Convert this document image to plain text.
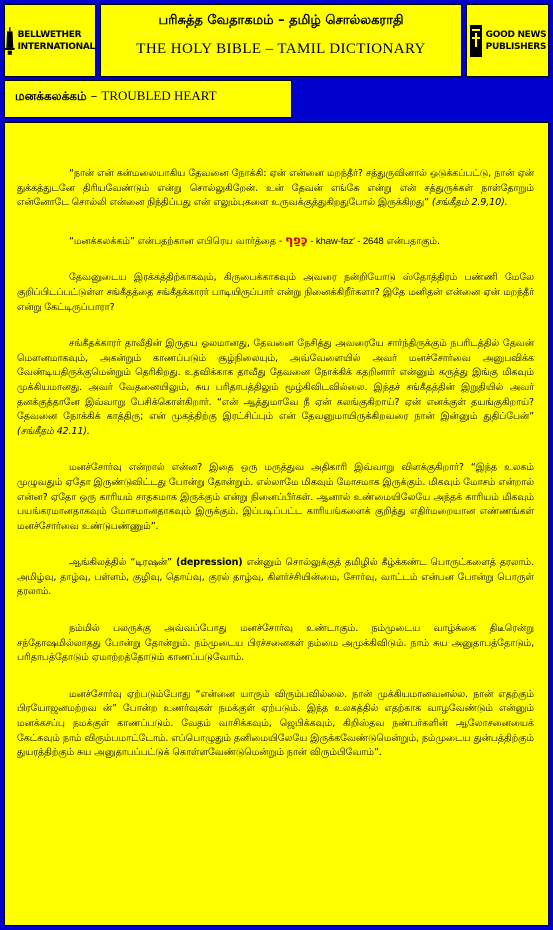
BELLWETHER
INTERNATIONAL
பரிசுத்த வேதாகமம் – தமிழ் சொல்லகராதி
THE HOLY BIBLE – TAMIL DICTIONARY
GOOD NEWS
PUBLISHERS
மனக்கலக்கம் – TROUBLED HEART

“நான் என் கன்மலையாகிய தேவனை நோக்கி: ஏன் என்னை மறந்தீர்? சத்துருவினால் ஒடுக்கப்பட்டு, நான் ஏன் துக்கத்துடனே திரியவேண்டும் என்று சொல்லுகிறேன். உன் தேவன் எங்கே என்று என் சத்துருக்கள் நாள்தோறும் என்னோடே சொல்லி என்னை நிந்திப்பது என் எலும்புகளை உருவக்குத்துகிறதுபோல் இருக்கிறது” (சங்கீதம் 2.9,10).

“மனக்கலக்கம்” என்பதற்கான எபிரெய வார்த்தை - כָּפַף - khaw-faz' - 2648 என்பதாகும்.

தேவனுடைய இரக்கத்திற்காகவும், கிருபைக்காகவும் அவரை நன்றியோடு ஸ்தோத்திரம் பண்ணி மேலே குறிப்பிடப்பட்டுள்ள சங்கீதத்தை சங்கீதக்காரர் பாடியிருப்பார் என்று நினைக்கிறீர்களா? இதே மனிதன் என்னை ஏன் மறந்தீர் என்று கேட்டிருப்பாரா?

சங்கீதக்காரர் தாவீதின் இருதய ஓலமானது, தேவனை நேசித்து அவரையே சார்ந்திருக்கும் நபரிடத்தில் தேவன் மௌனமாகவும், அகன்றும் காணப்படும் சூழ்நிலையும், அவ்வேளையில் அவர் மனச்சோர்வை அனுபவிக்க வேண்டியதிருக்குமென்றும் தெரிகிறது. உதவிக்காக தாவீது தேவனை நோக்கிக் கதறினார் என்னும் கருத்து இங்கு மிகவும் முக்கியமானது. அவர் வேதனையிலும், சுய பரிதாபத்திலும் மூழ்கிவிடவில்லை. இந்தச் சங்கீதத்தின் இறுதியில் அவர் தனக்குத்தானே இவ்வாறு பேசிக்கொள்கிறார். “என் ஆத்துமாவே நீ ஏன் கலங்குகிறாய்? ஏன் எனக்குள் தயங்குகிறாய்? தேவனை நோக்கிக் காத்திரு; என் முகத்திற்கு இரட்சிப்பும் என் தேவனுமாயிருக்கிறவரை நான் இன்னும் துதிப்பேன்” (சங்கீதம் 42.11).

மனச்சோர்வு என்றால் என்ன? இதை ஒரு மருத்துவ அதிகாரி இவ்வாறு விளக்குகிறார்? “இந்த உலகம் முழுவதும் ஏதோ இருண்டுவிட்டது போன்று தோன்றும். எல்லாமே மிகவும் மோசமாக இருக்கும். மிகவும் மோசம் என்றால் என்ன? ஏதோ ஒரு காரியம் சாதகமாக இருக்கும் என்று நினைப்பீர்கள். ஆனால் உண்மையிலேயே அந்தக் காரியம் மிகவும் பயங்கரமானதாகவும் மோசமானதாகவும் இருக்கும். இப்படிப்பட்ட காரியங்களைக் குறித்து எதிர்மறையான எண்ணங்கள் மனச்சோர்வை உண்டுபண்ணும்”.

ஆங்கிலத்தில் “டிரஷன்” (depression) என்னும் சொல்லுக்குத் தமிழில் கீழ்க்கண்ட பொருட்களைத் தரலாம். அமிழ்வு, தாழ்வு, பள்ளம், குழிவு, தொய்வு, குரல் தாழ்வு, கிளர்ச்சியின்மை, சோர்வு, வாட்டம் என்பன போன்று பொருள் தரலாம்.

நம்மில் பலருக்கு அவ்வப்போது மனச்சோர்வு உண்டாகும். நம்முடைய வாழ்க்கை திடீரென்று சந்தோஷமில்லாதது போன்று தோன்றும். நம்முடைய பிரச்சனைகள் நம்மை அமுக்கிவிடும். நாம் சுய அனுதாபத்தோடும், பரிதாபத்தோடும் ஏமாற்றத்தோடும் காணப்படுவோம்.

மனச்சோர்வு ஏற்படும்போது “என்னை யாரும் விரும்பவில்லை. நான் முக்கியமானவனல்ல. நான் எதற்கும் பிரயோஜனமற்றவ ன்” போன்ற உணர்வுகள் நமக்குள் ஏற்படும். இந்த உலகத்தில் எதற்காக வாழவேண்டும் என்னும் மனக்கசப்பு நமக்குள் காணப்படும். வேதம் வாசிக்கவும், ஜெபிக்கவும், கிறிஸ்தவ நண்பர்களின் ஆலோசனையைக் கேட்கவும் நாம் விரும்பமாட்டோம். எப்பொழுதும் தனிமையிலேயே இருக்கவேண்டுமென்றும், நம்முடைய துன்பத்திற்கும் துயரத்திற்கும் சுய அனுதாபப்பட்டுக் கொள்ளவேண்டுமென்றும் நான் விரும்பிவோம்”.
